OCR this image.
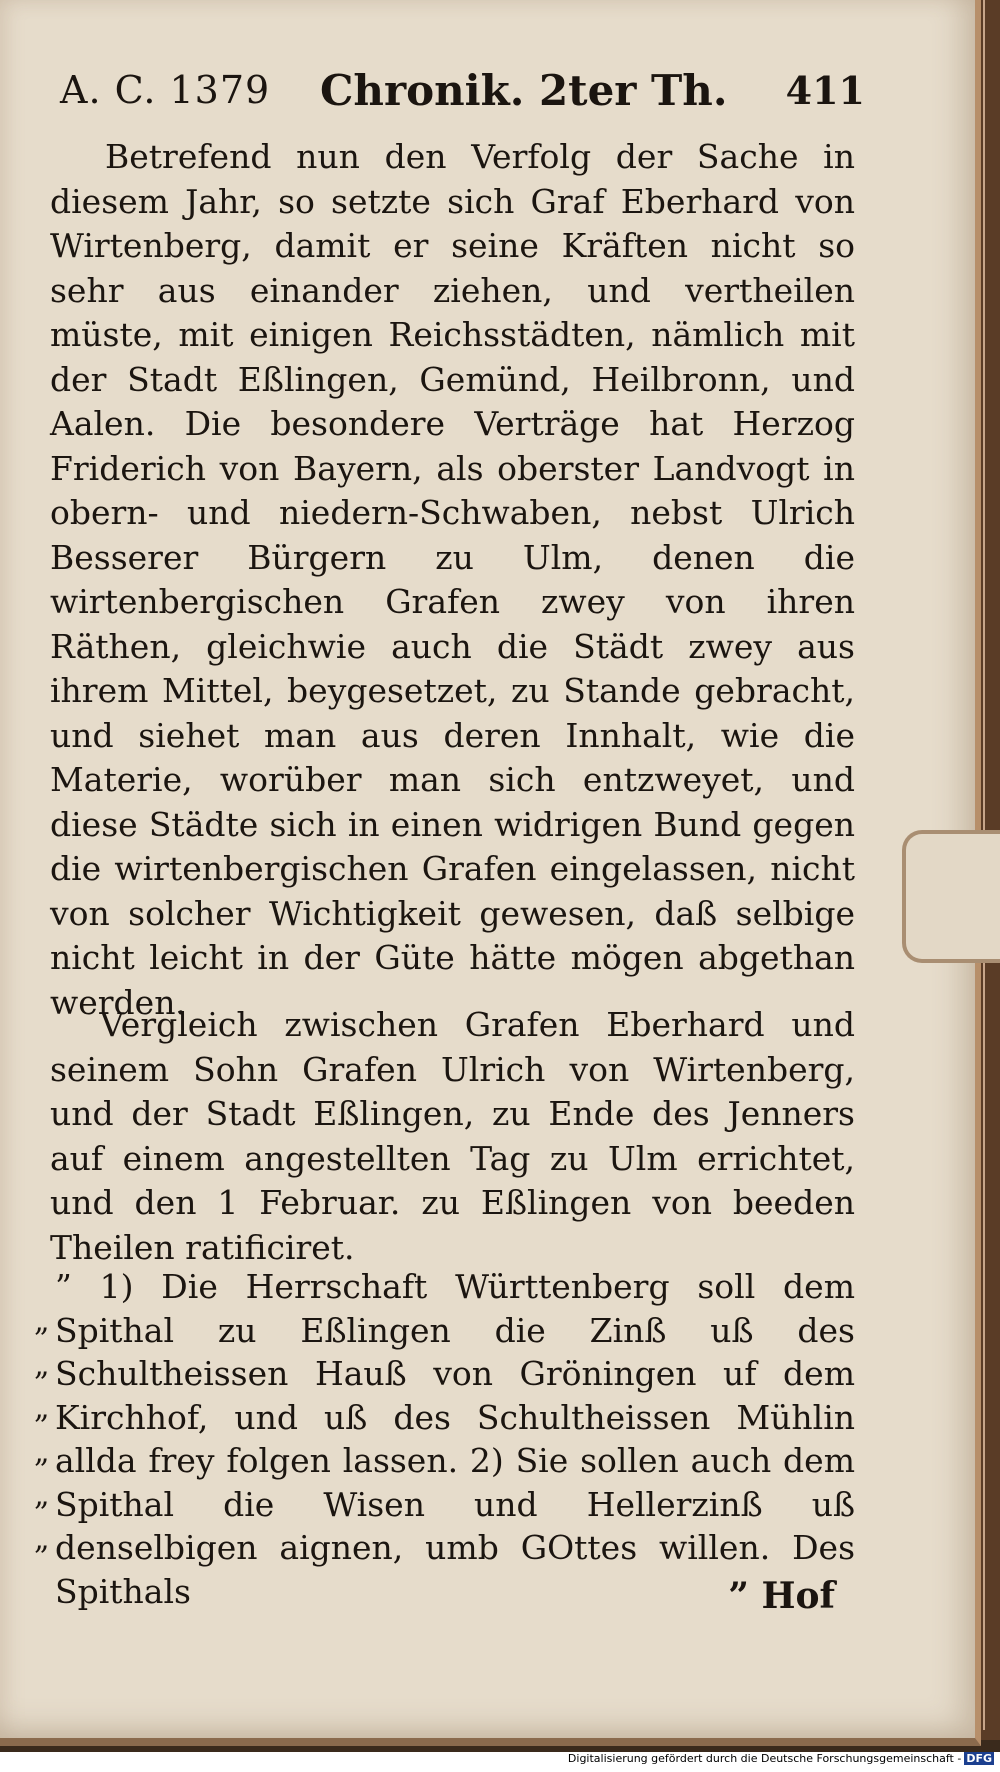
A. C. 1379 Chronik. 2ter Th. 411
Betrefend nun den Verfolg der Sache in diesem Jahr, so setzte sich Graf Eberhard von Wirtenberg, damit er seine Kräften nicht so sehr aus einander ziehen, und vertheilen müste, mit einigen Reichsstädten, nämlich mit der Stadt Eßlingen, Gemünd, Heilbronn, und Aalen. Die besondere Verträge hat Herzog Friderich von Bayern, als oberster Landvogt in obern- und niedern-Schwaben, nebst Ulrich Besserer Bürgern zu Ulm, denen die wirtenbergischen Grafen zwey von ihren Räthen, gleichwie auch die Städt zwey aus ihrem Mittel, beygesetzet, zu Stande gebracht, und siehet man aus deren Innhalt, wie die Materie, worüber man sich entzweyet, und diese Städte sich in einen widrigen Bund gegen die wirtenbergischen Grafen eingelassen, nicht von solcher Wichtigkeit gewesen, daß selbige nicht leicht in der Güte hätte mögen abgethan werden.
Vergleich zwischen Grafen Eberhard und seinem Sohn Grafen Ulrich von Wirtenberg, und der Stadt Eßlingen, zu Ende des Jenners auf einem angestellten Tag zu Ulm errichtet, und den 1 Februar. zu Eßlingen von beeden Theilen ratificiret.
” 1) Die Herrschaft Württenberg soll dem Spithal zu Eßlingen die Zinß uß des Schultheissen Hauß von Gröningen uf dem Kirchhof, und uß des Schultheissen Mühlin allda frey folgen lassen. 2) Sie sollen auch dem Spithal die Wisen und Hellerzinß uß denselbigen aignen, umb GOttes willen. Des Spithals
„
„
„
„
„
„
” Hof
Digitalisierung gefördert durch die Deutsche Forschungsgemeinschaft - DFG
